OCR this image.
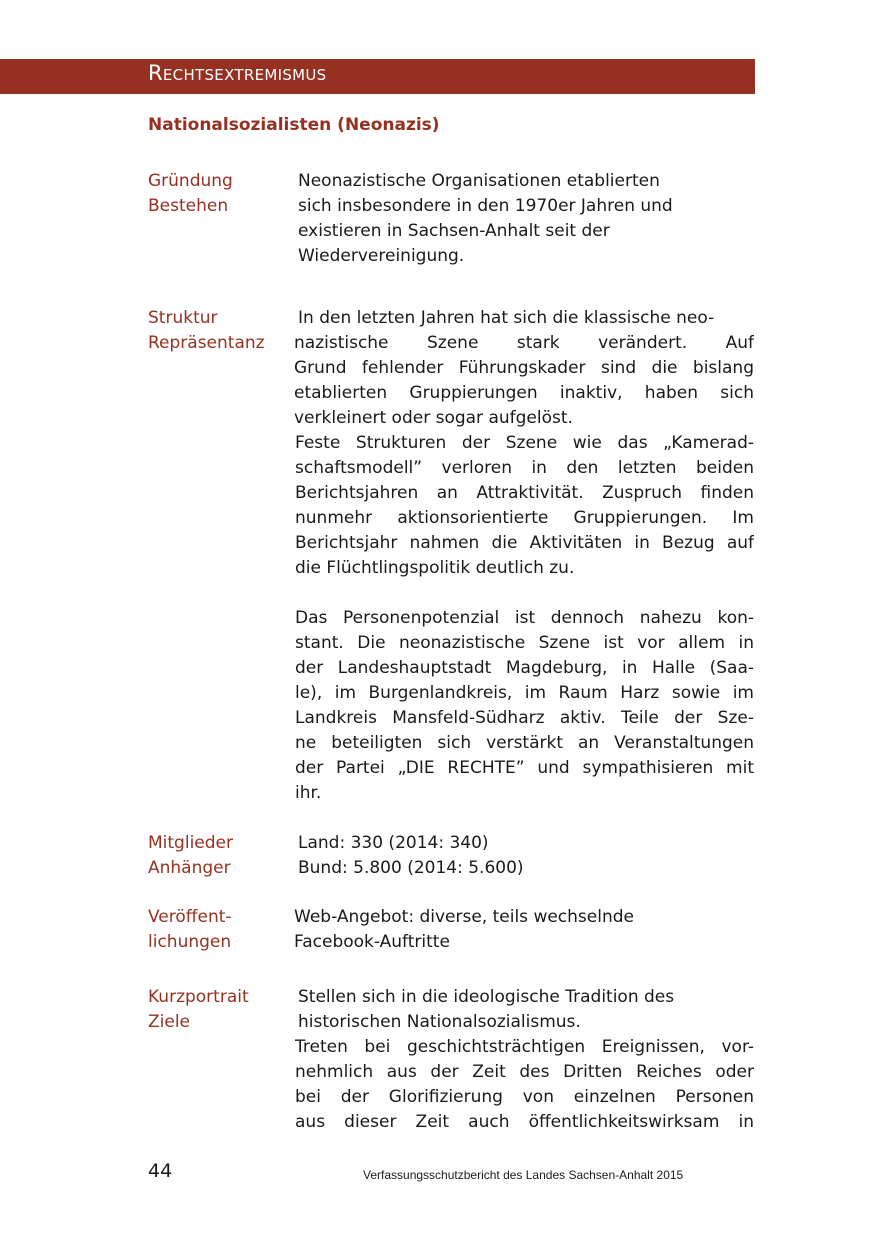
Rechtsextremismus
Nationalsozialisten (Neonazis)
Gründung
Bestehen
Neonazistische Organisationen etablierten
sich insbesondere in den 1970er Jahren und
existieren in Sachsen-Anhalt seit der
Wiedervereinigung.
Struktur
Repräsentanz
In den letzten Jahren hat sich die klassische neo-
nazistische Szene stark verändert. Auf
Grund fehlender Führungskader sind die bislang
etablierten Gruppierungen inaktiv, haben sich
verkleinert oder sogar aufgelöst.
Feste Strukturen der Szene wie das „Kamerad-
schaftsmodell” verloren in den letzten beiden
Berichtsjahren an Attraktivität. Zuspruch finden
nunmehr aktionsorientierte Gruppierungen. Im
Berichtsjahr nahmen die Aktivitäten in Bezug auf
die Flüchtlingspolitik deutlich zu.
Das Personenpotenzial ist dennoch nahezu kon-
stant. Die neonazistische Szene ist vor allem in
der Landeshauptstadt Magdeburg, in Halle (Saa-
le), im Burgenlandkreis, im Raum Harz sowie im
Landkreis Mansfeld-Südharz aktiv. Teile der Sze-
ne beteiligten sich verstärkt an Veranstaltungen
der Partei „DIE RECHTE” und sympathisieren mit
ihr.
Mitglieder
Anhänger
Land: 330 (2014: 340)
Bund: 5.800 (2014: 5.600)
Veröffent-
lichungen
Web-Angebot: diverse, teils wechselnde
Facebook-Auftritte
Kurzportrait
Ziele
Stellen sich in die ideologische Tradition des
historischen Nationalsozialismus.
Treten bei geschichtsträchtigen Ereignissen, vor-
nehmlich aus der Zeit des Dritten Reiches oder
bei der Glorifizierung von einzelnen Personen
aus dieser Zeit auch öffentlichkeitswirksam in
44	Verfassungsschutzbericht des Landes Sachsen-Anhalt 2015
